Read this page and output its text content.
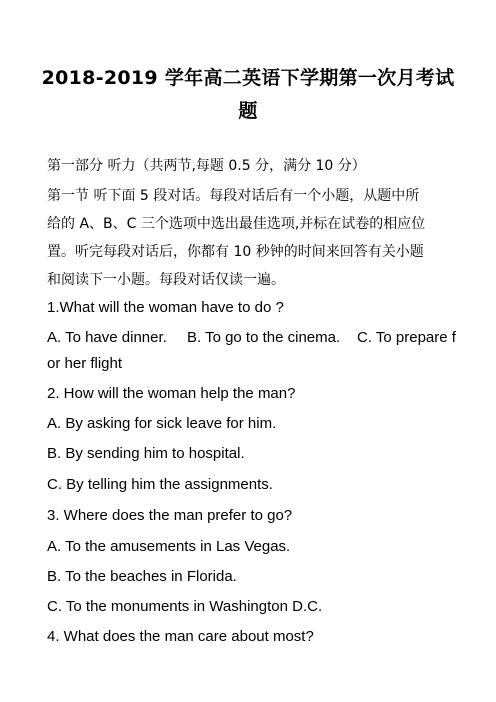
2018-2019 学年高二英语下学期第一次月考试
题
第一部分 听力（共两节,每题 0.5 分，满分 10 分）
第一节 听下面 5 段对话。每段对话后有一个小题，从题中所
给的 A、B、C 三个选项中选出最佳选项,并标在试卷的相应位
置。听完每段对话后，你都有 10 秒钟的时间来回答有关小题
和阅读下一小题。每段对话仅读一遍。
1.What will the woman have to do ?
A. To have dinner. B. To go to the cinema. C. To prepare f
or her flight
2. How will the woman help the man?
A. By asking for sick leave for him.
B. By sending him to hospital.
C. By telling him the assignments.
3. Where does the man prefer to go?
A. To the amusements in Las Vegas.
B. To the beaches in Florida.
C. To the monuments in Washington D.C.
4. What does the man care about most?
